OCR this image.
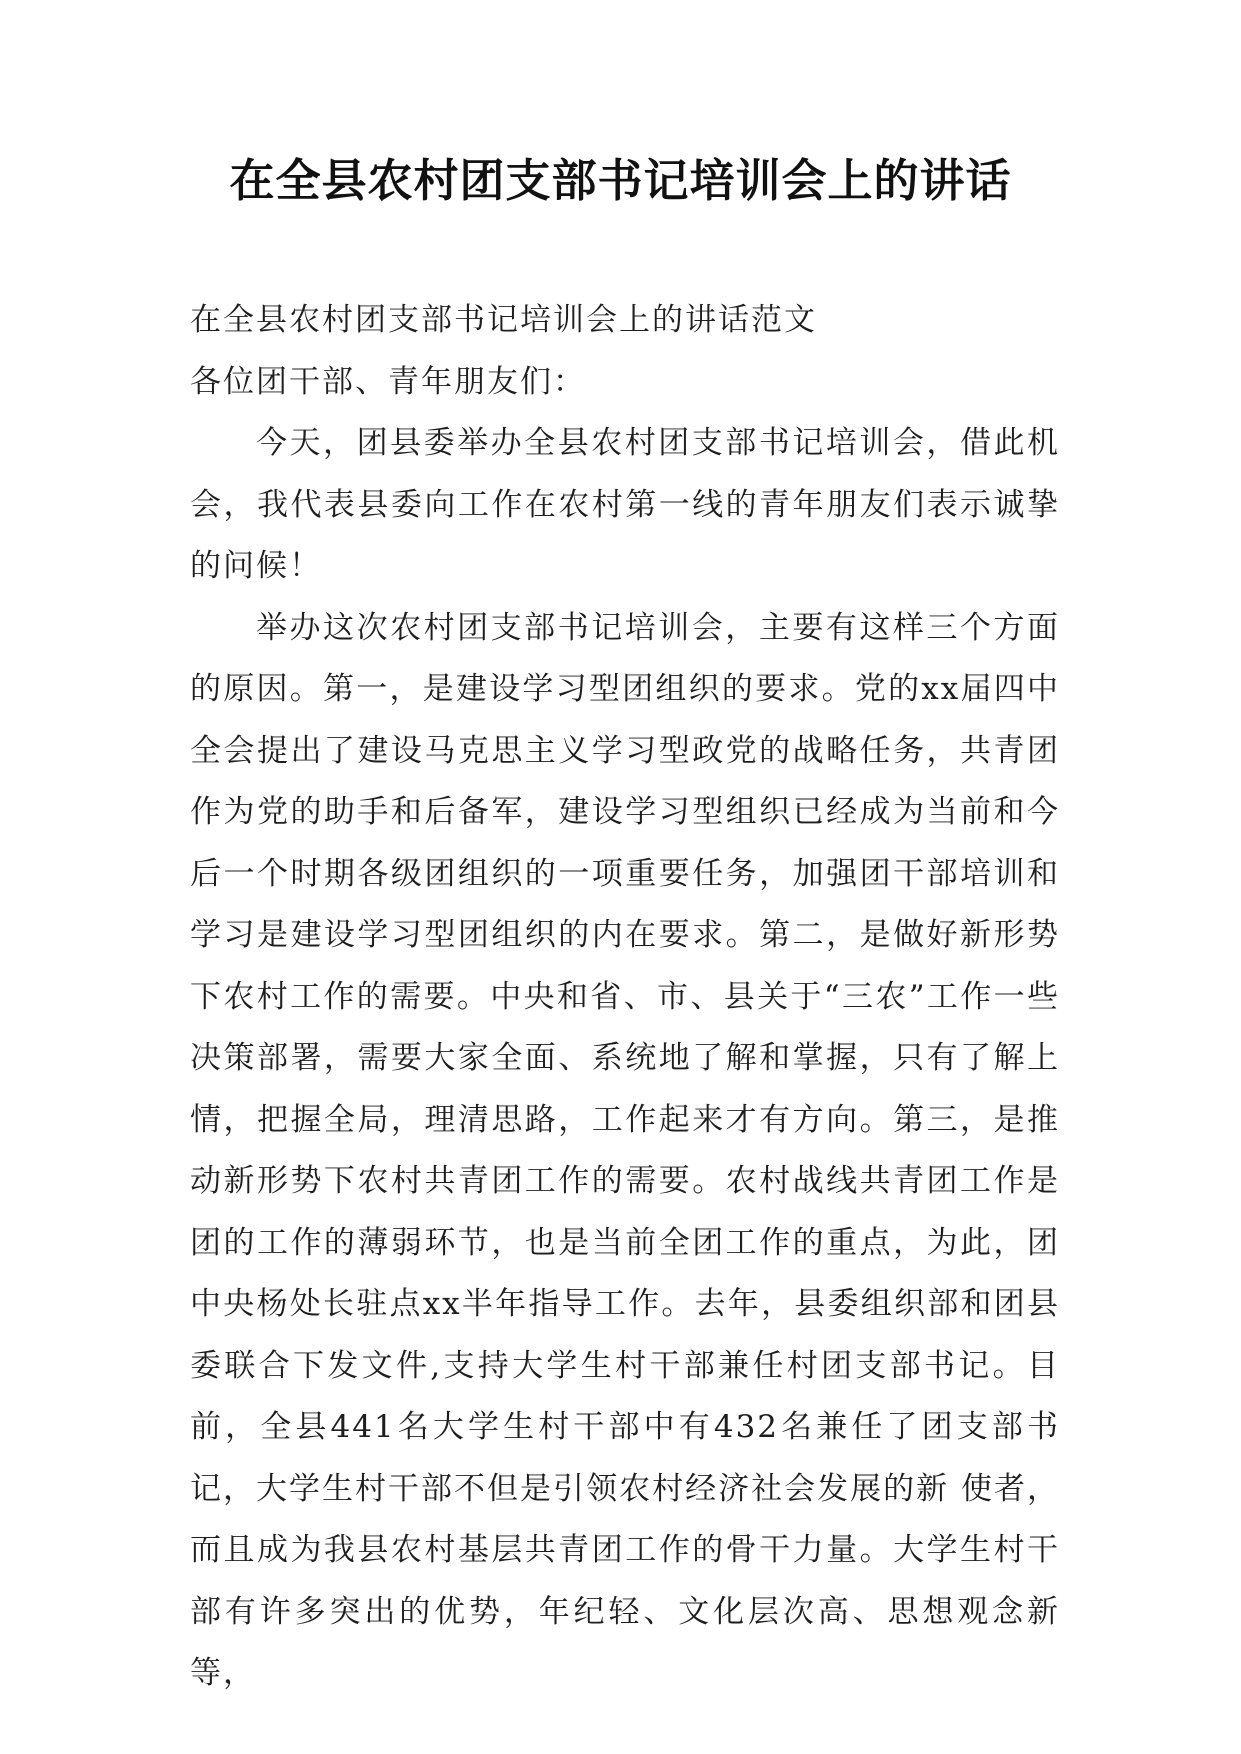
在全县农村团支部书记培训会上的讲话

在全县农村团支部书记培训会上的讲话范文

各位团干部、青年朋友们：

今天，团县委举办全县农村团支部书记培训会，借此机会，我代表县委向工作在农村第一线的青年朋友们表示诚挚的问候！

举办这次农村团支部书记培训会，主要有这样三个方面的原因。第一，是建设学习型团组织的要求。党的xx届四中全会提出了建设马克思主义学习型政党的战略任务，共青团作为党的助手和后备军，建设学习型组织已经成为当前和今后一个时期各级团组织的一项重要任务，加强团干部培训和学习是建设学习型团组织的内在要求。第二，是做好新形势下农村工作的需要。中央和省、市、县关于“三农”工作一些决策部署，需要大家全面、系统地了解和掌握，只有了解上情，把握全局，理清思路，工作起来才有方向。第三，是推动新形势下农村共青团工作的需要。农村战线共青团工作是团的工作的薄弱环节，也是当前全团工作的重点，为此，团中央杨处长驻点xx半年指导工作。去年，县委组织部和团县委联合下发文件,支持大学生村干部兼任村团支部书记。目前，全县441名大学生村干部中有432名兼任了团支部书记，大学生村干部不但是引领农村经济社会发展的新 使者，而且成为我县农村基层共青团工作的骨干力量。大学生村干部有许多突出的优势，年纪轻、文化层次高、思想观念新等，
